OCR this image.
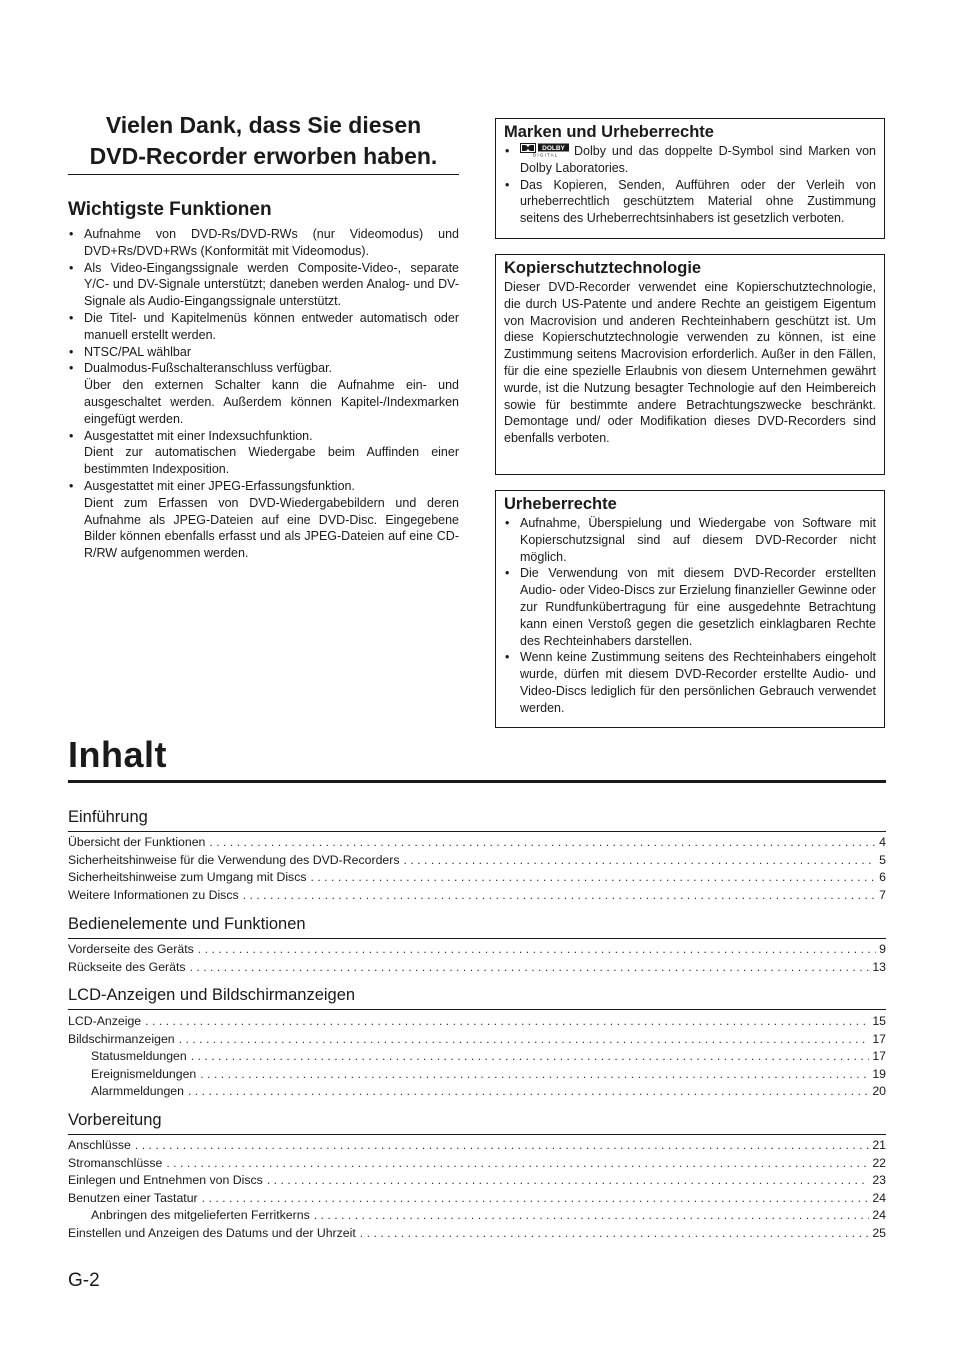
Vielen Dank, dass Sie diesen
DVD-Recorder erworben haben.
Wichtigste Funktionen
• Aufnahme von DVD-Rs/DVD-RWs (nur Videomodus) und DVD+Rs/DVD+RWs (Konformität mit Videomodus).
• Als Video-Eingangssignale werden Composite-Video-, separate Y/C- und DV-Signale unterstützt; daneben werden Analog- und DV-Signale als Audio-Eingangssignale unterstützt.
• Die Titel- und Kapitelmenüs können entweder automatisch oder manuell erstellt werden.
• NTSC/PAL wählbar
• Dualmodus-Fußschalteranschluss verfügbar.
Über den externen Schalter kann die Aufnahme ein- und ausgeschaltet werden. Außerdem können Kapitel-/Indexmarken eingefügt werden.
• Ausgestattet mit einer Indexsuchfunktion.
Dient zur automatischen Wiedergabe beim Auffinden einer bestimmten Indexposition.
• Ausgestattet mit einer JPEG-Erfassungsfunktion.
Dient zum Erfassen von DVD-Wiedergabebildern und deren Aufnahme als JPEG-Dateien auf eine DVD-Disc. Eingegebene Bilder können ebenfalls erfasst und als JPEG-Dateien auf eine CD-R/RW aufgenommen werden.
Marken und Urheberrechte
• DOLBY
D I G I T A L Dolby und das doppelte D-Symbol sind Marken von Dolby Laboratories.
• Das Kopieren, Senden, Aufführen oder der Verleih von urheberrechtlich geschütztem Material ohne Zustimmung seitens des Urheberrechtsinhabers ist gesetzlich verboten.
Kopierschutztechnologie

Dieser DVD-Recorder verwendet eine Kopierschutztechnologie, die durch US-Patente und andere Rechte an geistigem Eigentum von Macrovision und anderen Rechteinhabern geschützt ist. Um diese Kopierschutztechnologie verwenden zu können, ist eine Zustimmung seitens Macrovision erforderlich. Außer in den Fällen, für die eine spezielle Erlaubnis von diesem Unternehmen gewährt wurde, ist die Nutzung besagter Technologie auf den Heimbereich sowie für bestimmte andere Betrachtungszwecke beschränkt. Demontage und/ oder Modifikation dieses DVD-Recorders sind ebenfalls verboten.

Urheberrechte
• Aufnahme, Überspielung und Wiedergabe von Software mit Kopierschutzsignal sind auf diesem DVD-Recorder nicht möglich.
• Die Verwendung von mit diesem DVD-Recorder erstellten Audio- oder Video-Discs zur Erzielung finanzieller Gewinne oder zur Rundfunkübertragung für eine ausgedehnte Betrachtung kann einen Verstoß gegen die gesetzlich einklagbaren Rechte des Rechteinhabers darstellen.
• Wenn keine Zustimmung seitens des Rechteinhabers eingeholt wurde, dürfen mit diesem DVD-Recorder erstellte Audio- und Video-Discs lediglich für den persönlichen Gebrauch verwendet werden.
Inhalt
Einführung
Übersicht der Funktionen . . .	4
Sicherheitshinweise für die Verwendung des DVD-Recorders . . .	5
Sicherheitshinweise zum Umgang mit Discs . . .	6
Weitere Informationen zu Discs . . .	7
Bedienelemente und Funktionen
Vorderseite des Geräts . . .	9
Rückseite des Geräts . . .	13
LCD-Anzeigen und Bildschirmanzeigen
LCD-Anzeige . . .	15
Bildschirmanzeigen . . .	17
Statusmeldungen . . .	17
Ereignismeldungen . . .	19
Alarmmeldungen . . .	20
Vorbereitung
Anschlüsse . . .	21
Stromanschlüsse . . .	22
Einlegen und Entnehmen von Discs . . .	23
Benutzen einer Tastatur . . .	24
Anbringen des mitgelieferten Ferritkerns . . .	24
Einstellen und Anzeigen des Datums und der Uhrzeit . . .	25
G-2
